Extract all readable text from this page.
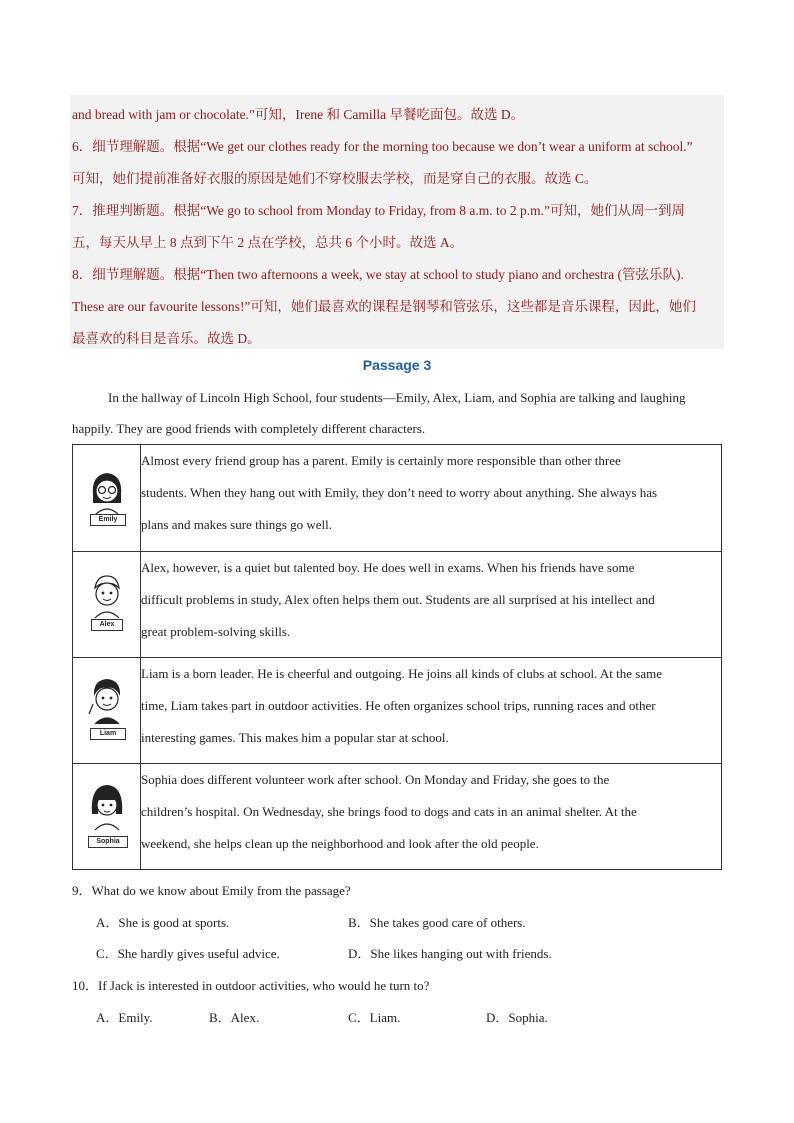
and bread with jam or chocolate.”可知，Irene 和 Camilla 早餐吃面包。故选 D。
6．细节理解题。根据“We get our clothes ready for the morning too because we don’t wear a uniform at school.”
可知，她们提前准备好衣服的原因是她们不穿校服去学校，而是穿自己的衣服。故选 C。
7．推理判断题。根据“We go to school from Monday to Friday, from 8 a.m. to 2 p.m.”可知，她们从周一到周
五，每天从早上 8 点到下午 2 点在学校，总共 6 个小时。故选 A。
8．细节理解题。根据“Then two afternoons a week, we stay at school to study piano and orchestra (管弦乐队).
These are our favourite lessons!”可知，她们最喜欢的课程是钢琴和管弦乐，这些都是音乐课程，因此，她们
最喜欢的科目是音乐。故选 D。
Passage 3
In the hallway of Lincoln High School, four students—Emily, Alex, Liam, and Sophia are talking and laughing
happily. They are good friends with completely different characters.
Emily	Almost every friend group has a parent. Emily is certainly more responsible than other three
students. When they hang out with Emily, they don’t need to worry about anything. She always has
plans and makes sure things go well.

Alex	Alex, however, is a quiet but talented boy. He does well in exams. When his friends have some
difficult problems in study, Alex often helps them out. Students are all surprised at his intellect and
great problem-solving skills.

Liam	Liam is a born leader. He is cheerful and outgoing. He joins all kinds of clubs at school. At the same
time, Liam takes part in outdoor activities. He often organizes school trips, running races and other
interesting games. This makes him a popular star at school.

Sophia	Sophia does different volunteer work after school. On Monday and Friday, she goes to the
children’s hospital. On Wednesday, she brings food to dogs and cats in an animal shelter. At the
weekend, she helps clean up the neighborhood and look after the old people.
9．What do we know about Emily from the passage?
A．She is good at sports.	B．She takes good care of others.
C．She hardly gives useful advice.	D．She likes hanging out with friends.
10．If Jack is interested in outdoor activities, who would he turn to?
A．Emily.	B．Alex.	C．Liam.	D．Sophia.
